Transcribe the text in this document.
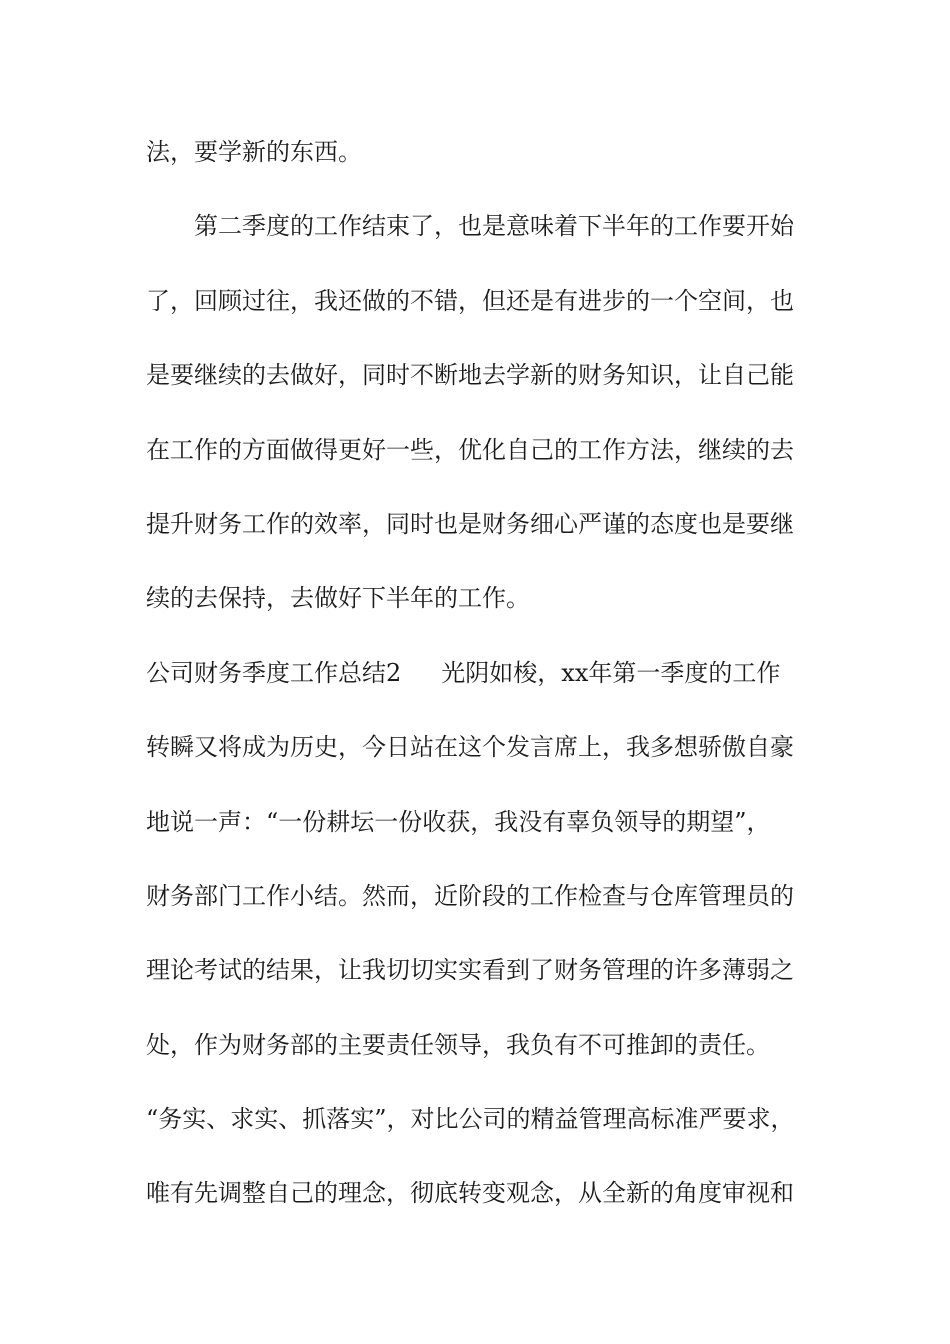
法，要学新的东西。
第二季度的工作结束了，也是意味着下半年的工作要开始
了，回顾过往，我还做的不错，但还是有进步的一个空间，也
是要继续的去做好，同时不断地去学新的财务知识，让自己能
在工作的方面做得更好一些，优化自己的工作方法，继续的去
提升财务工作的效率，同时也是财务细心严谨的态度也是要继
续的去保持，去做好下半年的工作。
公司财务季度工作总结2 光阴如梭，xx年第一季度的工作
转瞬又将成为历史，今日站在这个发言席上，我多想骄傲自豪
地说一声：“一份耕坛一份收获，我没有辜负领导的期望”，
财务部门工作小结。然而，近阶段的工作检查与仓库管理员的
理论考试的结果，让我切切实实看到了财务管理的许多薄弱之
处，作为财务部的主要责任领导，我负有不可推卸的责任。
“务实、求实、抓落实”，对比公司的精益管理高标准严要求，
唯有先调整自己的理念，彻底转变观念，从全新的角度审视和
